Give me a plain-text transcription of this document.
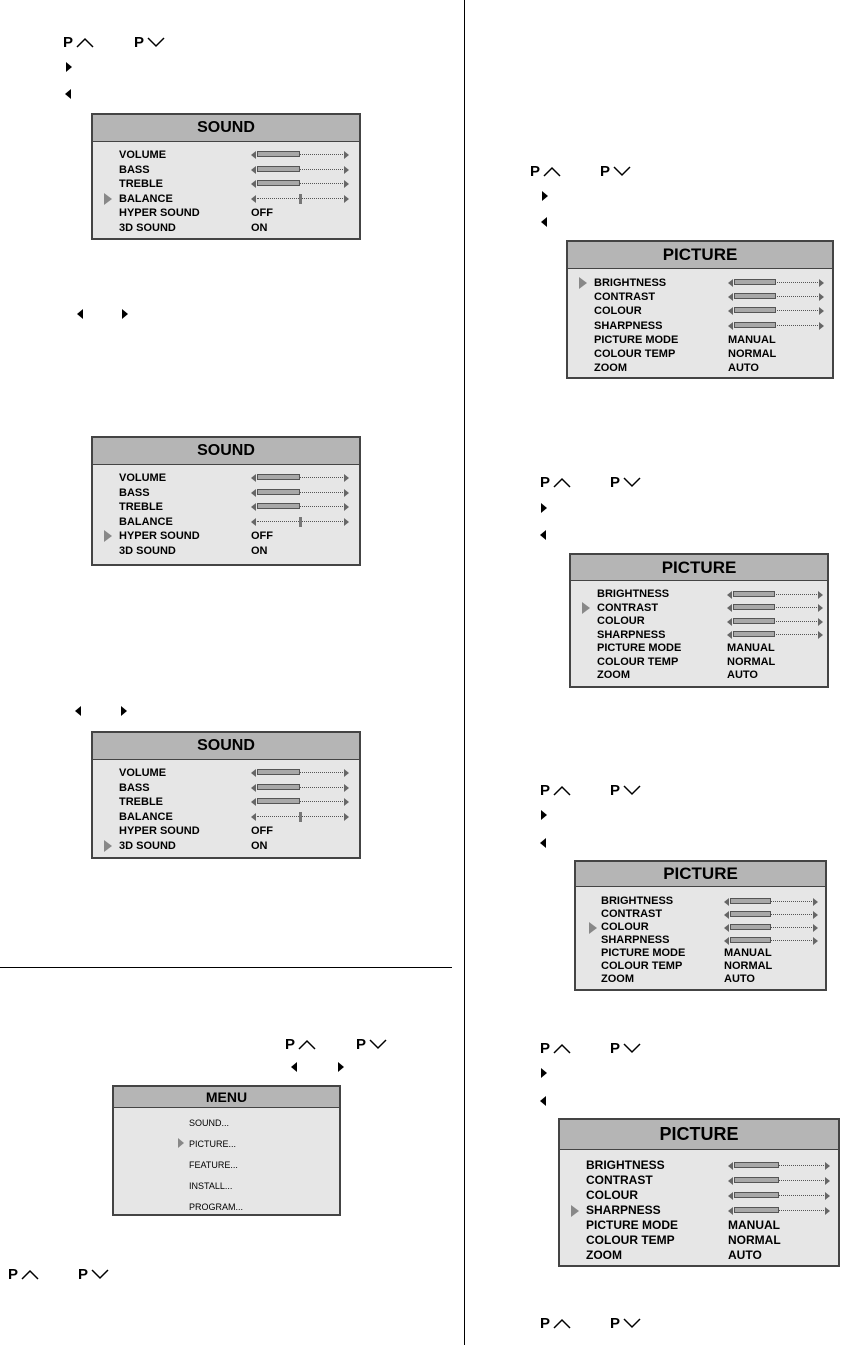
P	P
SOUND
VOLUME
BASS
TREBLE
BALANCE
HYPER SOUND	OFF
3D SOUND	ON
SOUND
VOLUME
BASS
TREBLE
BALANCE
HYPER SOUND	OFF
3D SOUND	ON
SOUND
VOLUME
BASS
TREBLE
BALANCE
HYPER SOUND	OFF
3D SOUND	ON
P	P
MENU
SOUND...
PICTURE...
FEATURE...
INSTALL...
PROGRAM...
P	P
P	P
PICTURE
BRIGHTNESS
CONTRAST
COLOUR
SHARPNESS
PICTURE MODE	MANUAL
COLOUR TEMP	NORMAL
ZOOM	AUTO
P	P
PICTURE
BRIGHTNESS
CONTRAST
COLOUR
SHARPNESS
PICTURE MODE	MANUAL
COLOUR TEMP	NORMAL
ZOOM	AUTO
P	P
PICTURE
BRIGHTNESS
CONTRAST
COLOUR
SHARPNESS
PICTURE MODE	MANUAL
COLOUR TEMP	NORMAL
ZOOM	AUTO
P	P
PICTURE
BRIGHTNESS
CONTRAST
COLOUR
SHARPNESS
PICTURE MODE	MANUAL
COLOUR TEMP	NORMAL
ZOOM	AUTO
P	P
